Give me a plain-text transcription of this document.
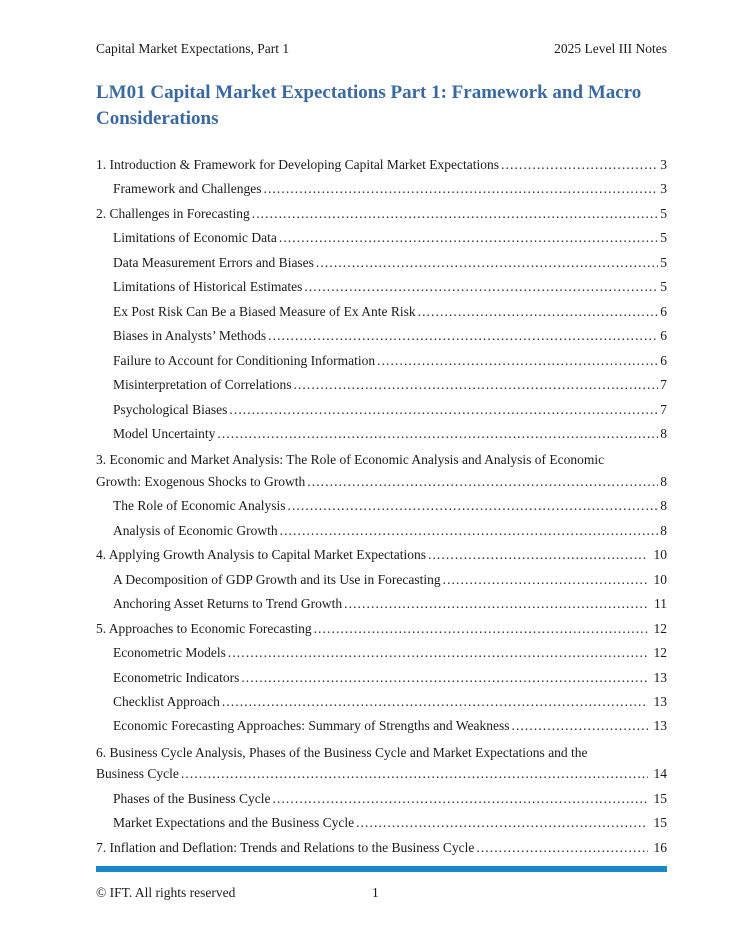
Capital Market Expectations, Part 1	2025 Level III Notes
LM01 Capital Market Expectations Part 1: Framework and Macro
Considerations
1. Introduction & Framework for Developing Capital Market Expectations .....	3
Framework and Challenges .....	3
2. Challenges in Forecasting .....	5
Limitations of Economic Data .....	5
Data Measurement Errors and Biases .....	5
Limitations of Historical Estimates .....	5
Ex Post Risk Can Be a Biased Measure of Ex Ante Risk .....	6
Biases in Analysts’ Methods .....	6
Failure to Account for Conditioning Information .....	6
Misinterpretation of Correlations .....	7
Psychological Biases .....	7
Model Uncertainty .....	8
3. Economic and Market Analysis: The Role of Economic Analysis and Analysis of Economic
Growth: Exogenous Shocks to Growth .....	8
The Role of Economic Analysis .....	8
Analysis of Economic Growth .....	8
4. Applying Growth Analysis to Capital Market Expectations .....	10
A Decomposition of GDP Growth and its Use in Forecasting .....	10
Anchoring Asset Returns to Trend Growth .....	11
5. Approaches to Economic Forecasting .....	12
Econometric Models .....	12
Econometric Indicators .....	13
Checklist Approach .....	13
Economic Forecasting Approaches: Summary of Strengths and Weakness .....	13
6. Business Cycle Analysis, Phases of the Business Cycle and Market Expectations and the
Business Cycle .....	14
Phases of the Business Cycle .....	15
Market Expectations and the Business Cycle .....	15
7. Inflation and Deflation: Trends and Relations to the Business Cycle .....	16
© IFT. All rights reserved	1
